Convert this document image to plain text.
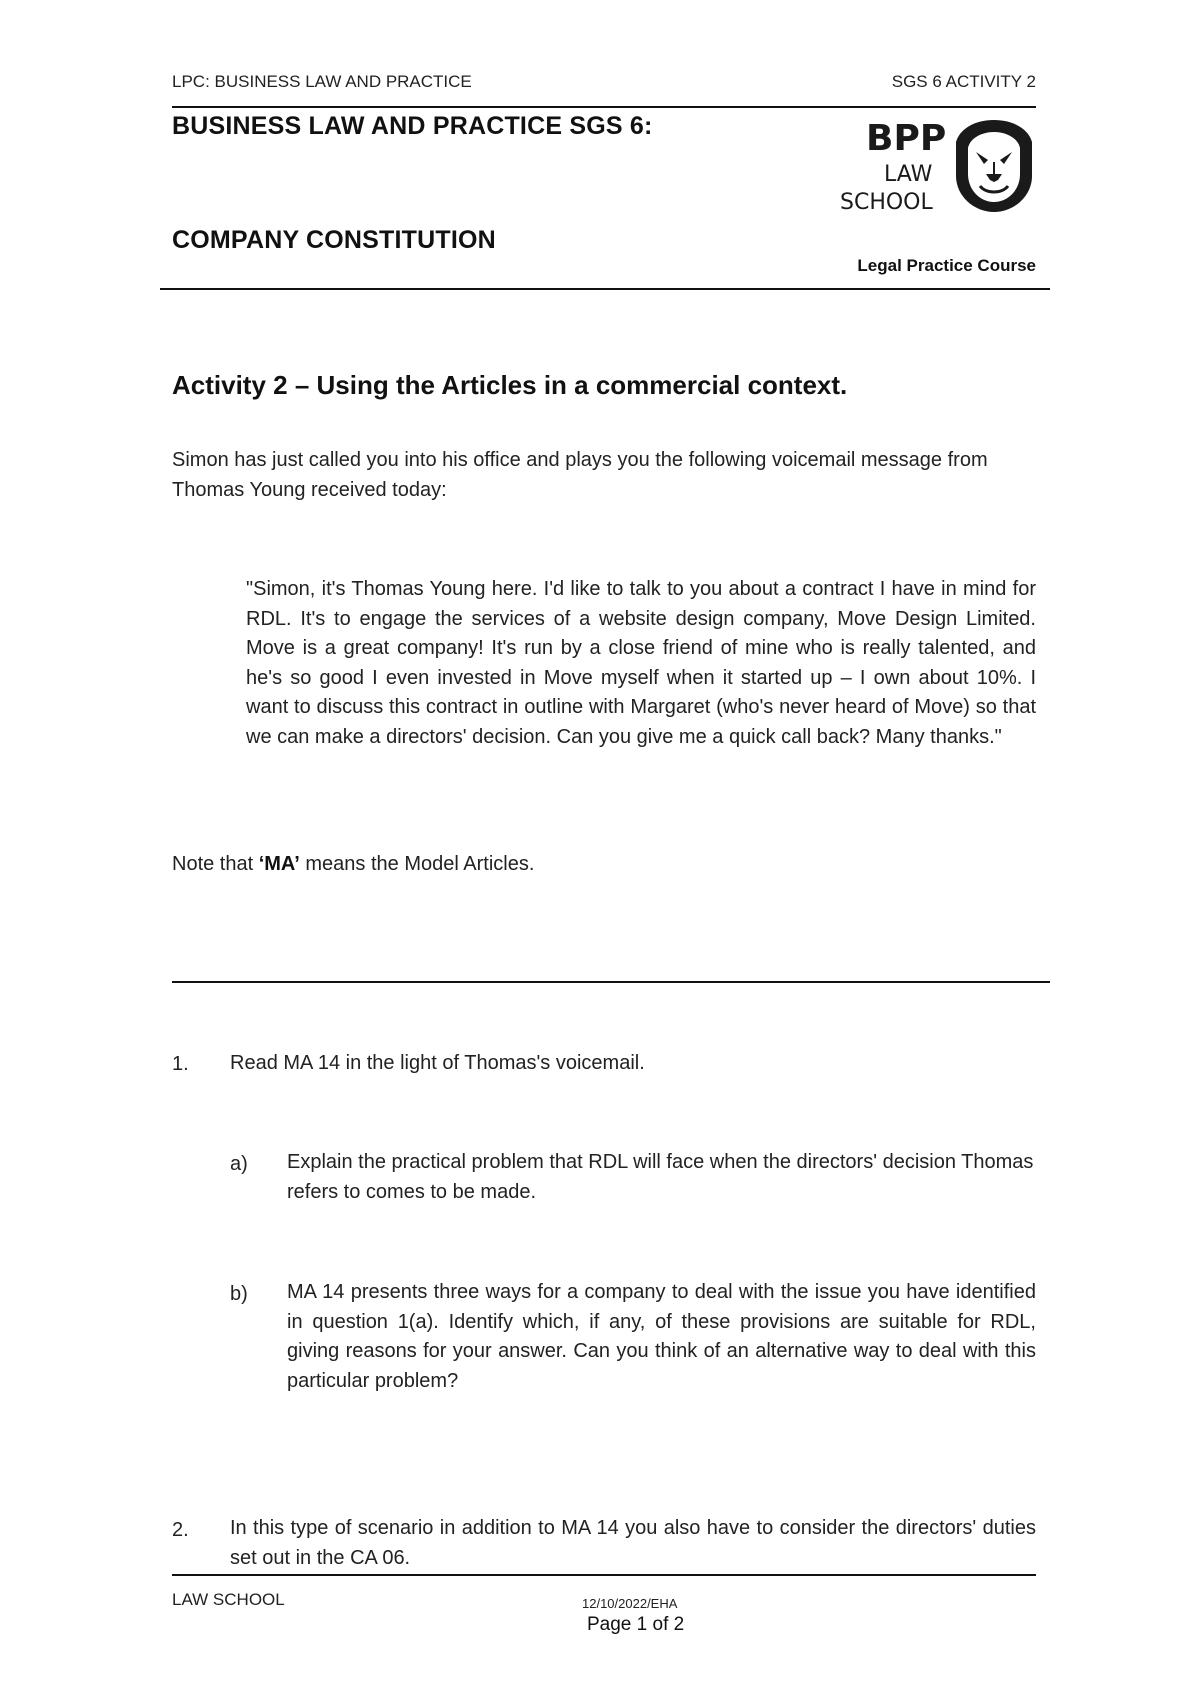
LPC: BUSINESS LAW AND PRACTICE	SGS 6 ACTIVITY 2
BUSINESS LAW AND PRACTICE SGS 6:
COMPANY CONSTITUTION
BPP
LAW
SCHOOL
Legal Practice Course
Activity 2 – Using the Articles in a commercial context.
Simon has just called you into his office and plays you the following voicemail message from Thomas Young received today:
"Simon, it's Thomas Young here. I'd like to talk to you about a contract I have in mind for RDL. It's to engage the services of a website design company, Move Design Limited. Move is a great company! It's run by a close friend of mine who is really talented, and he's so good I even invested in Move myself when it started up – I own about 10%. I want to discuss this contract in outline with Margaret (who's never heard of Move) so that we can make a directors' decision. Can you give me a quick call back? Many thanks."
Note that ‘MA’ means the Model Articles.
1. Read MA 14 in the light of Thomas's voicemail.
a) Explain the practical problem that RDL will face when the directors' decision Thomas refers to comes to be made.
b) MA 14 presents three ways for a company to deal with the issue you have identified in question 1(a). Identify which, if any, of these provisions are suitable for RDL, giving reasons for your answer. Can you think of an alternative way to deal with this particular problem?
2. In this type of scenario in addition to MA 14 you also have to consider the directors' duties set out in the CA 06.
LAW SCHOOL	12/10/2022/EHA
Page 1 of 2
